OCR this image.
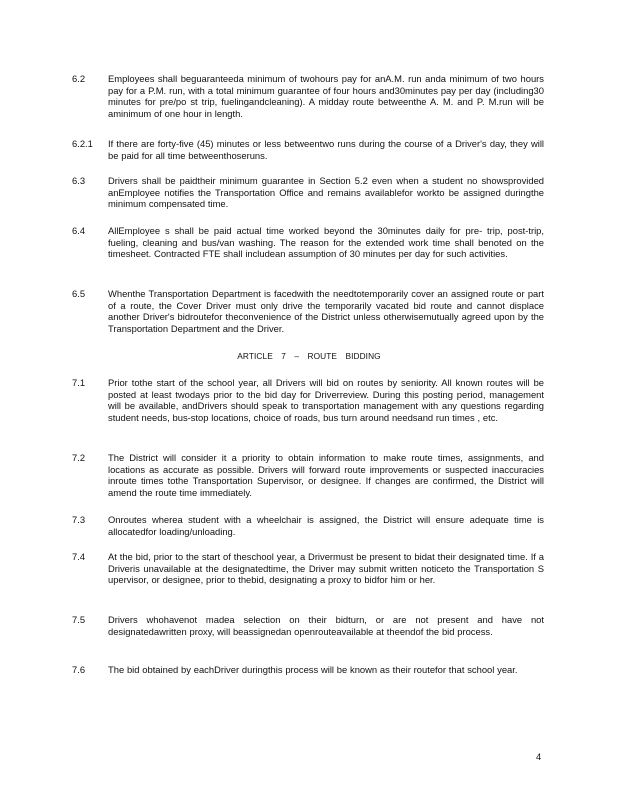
6.2	Employees shall beguaranteeda minimum of twohours pay for anA.M. run anda minimum of two hours pay for a P.M. run, with a total minimum guarantee of four hours and30minutes pay per day (including30 minutes for pre/po st trip, fuelingandcleaning). A midday route betweenthe A. M. and P. M.run will be aminimum of one hour in length.
6.2.1	If there are forty-five (45) minutes or less betweentwo runs during the course of a Driver's day, they will be paid for all time betweenthoseruns.
6.3	Drivers shall be paidtheir minimum guarantee in Section 5.2 even when a student no showsprovided anEmployee notifies the Transportation Office and remains availablefor workto be assigned duringthe minimum compensated time.
6.4	AllEmployee s shall be paid actual time worked beyond the 30minutes daily for pre- trip, post-trip, fueling, cleaning and bus/van washing. The reason for the extended work time shall benoted on the timesheet. Contracted FTE shall includean assumption of 30 minutes per day for such activities.
6.5	Whenthe Transportation Department is facedwith the needtotemporarily cover an assigned route or part of a route, the Cover Driver must only drive the temporarily vacated bid route and cannot displace another Driver's bidroutefor theconvenience of the District unless otherwisemutually agreed upon by the Transportation Department and the Driver.
ARTICLE 7 – ROUTE BIDDING
7.1	Prior tothe start of the school year, all Drivers will bid on routes by seniority. All known routes will be posted at least twodays prior to the bid day for Driverreview. During this posting period, management will be available, andDrivers should speak to transportation management with any questions regarding student needs, bus-stop locations, choice of roads, bus turn around needsand run times , etc.
7.2	The District will consider it a priority to obtain information to make route times, assignments, and locations as accurate as possible. Drivers will forward route improvements or suspected inaccuracies inroute times tothe Transportation Supervisor, or designee. If changes are confirmed, the District will amend the route time immediately.
7.3	Onroutes wherea student with a wheelchair is assigned, the District will ensure adequate time is allocatedfor loading/unloading.
7.4	At the bid, prior to the start of theschool year, a Drivermust be present to bidat their designated time. If a Driveris unavailable at the designatedtime, the Driver may submit written noticeto the Transportation S upervisor, or designee, prior to thebid, designating a proxy to bidfor him or her.
7.5	Drivers whohavenot madea selection on their bidturn, or are not present and have not designatedawritten proxy, will beassignedan openrouteavailable at theendof the bid process.
7.6	The bid obtained by eachDriver duringthis process will be known as their routefor that school year.
4
